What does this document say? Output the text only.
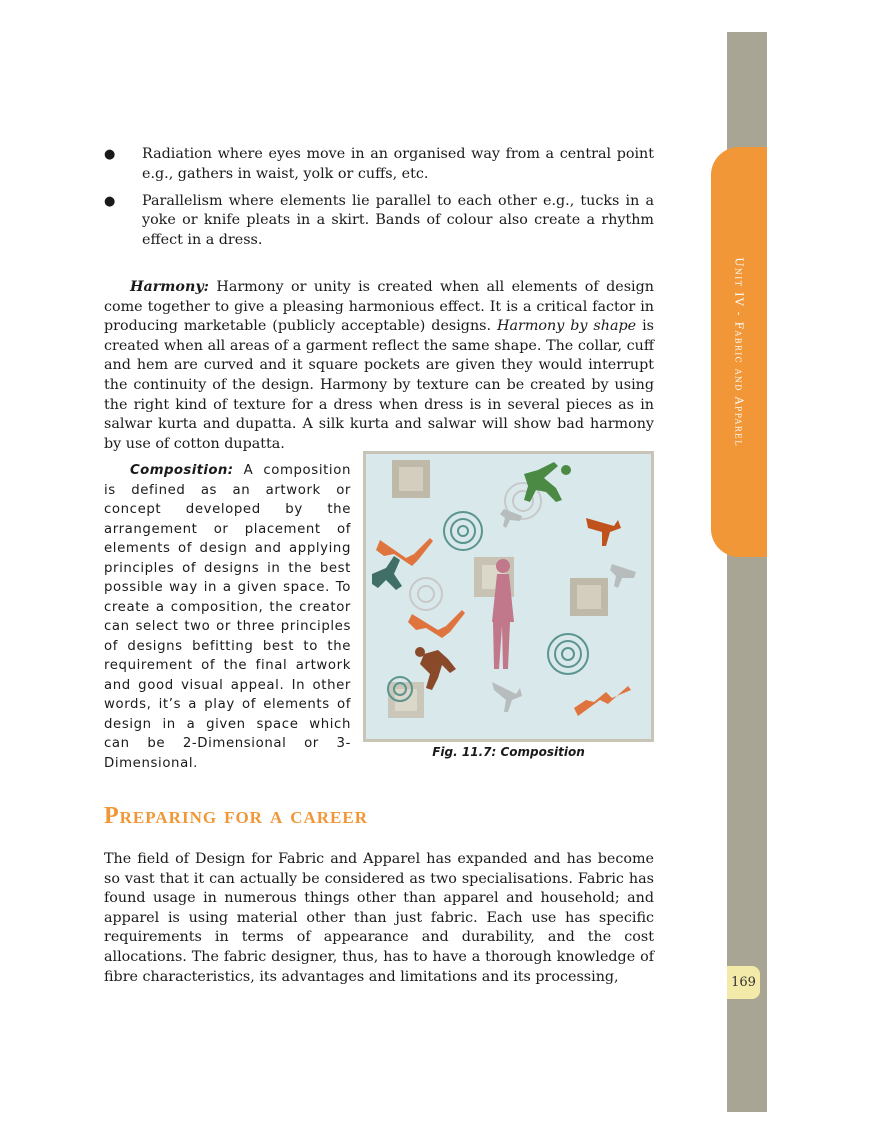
Unit IV - Fabric and Apparel
169
● Radiation where eyes move in an organised way from a central point e.g., gathers in waist, yolk or cuffs, etc.
● Parallelism where elements lie parallel to each other e.g., tucks in a yoke or knife pleats in a skirt. Bands of colour also create a rhythm effect in a dress.
Harmony: Harmony or unity is created when all elements of design come together to give a pleasing harmonious effect. It is a critical factor in producing marketable (publicly acceptable) designs. Harmony by shape is created when all areas of a garment reflect the same shape. The collar, cuff and hem are curved and it square pockets are given they would interrupt the continuity of the design. Harmony by texture can be created by using the right kind of texture for a dress when dress is in several pieces as in salwar kurta and dupatta. A silk kurta and salwar will show bad harmony by use of cotton dupatta.
Composition: A composition is defined as an artwork or concept developed by the arrangement or placement of elements of design and applying principles of designs in the best possible way in a given space. To create a composition, the creator can select two or three principles of designs befitting best to the requirement of the final artwork and good visual appeal. In other words, it’s a play of elements of design in a given space which can be 2-Dimensional or 3-Dimensional.
Fig. 11.7: Composition
Preparing for a career
The field of Design for Fabric and Apparel has expanded and has become so vast that it can actually be considered as two specialisations. Fabric has found usage in numerous things other than apparel and household; and apparel is using material other than just fabric. Each use has specific requirements in terms of appearance and durability, and the cost allocations. The fabric designer, thus, has to have a thorough knowledge of fibre characteristics, its advantages and limitations and its processing,
